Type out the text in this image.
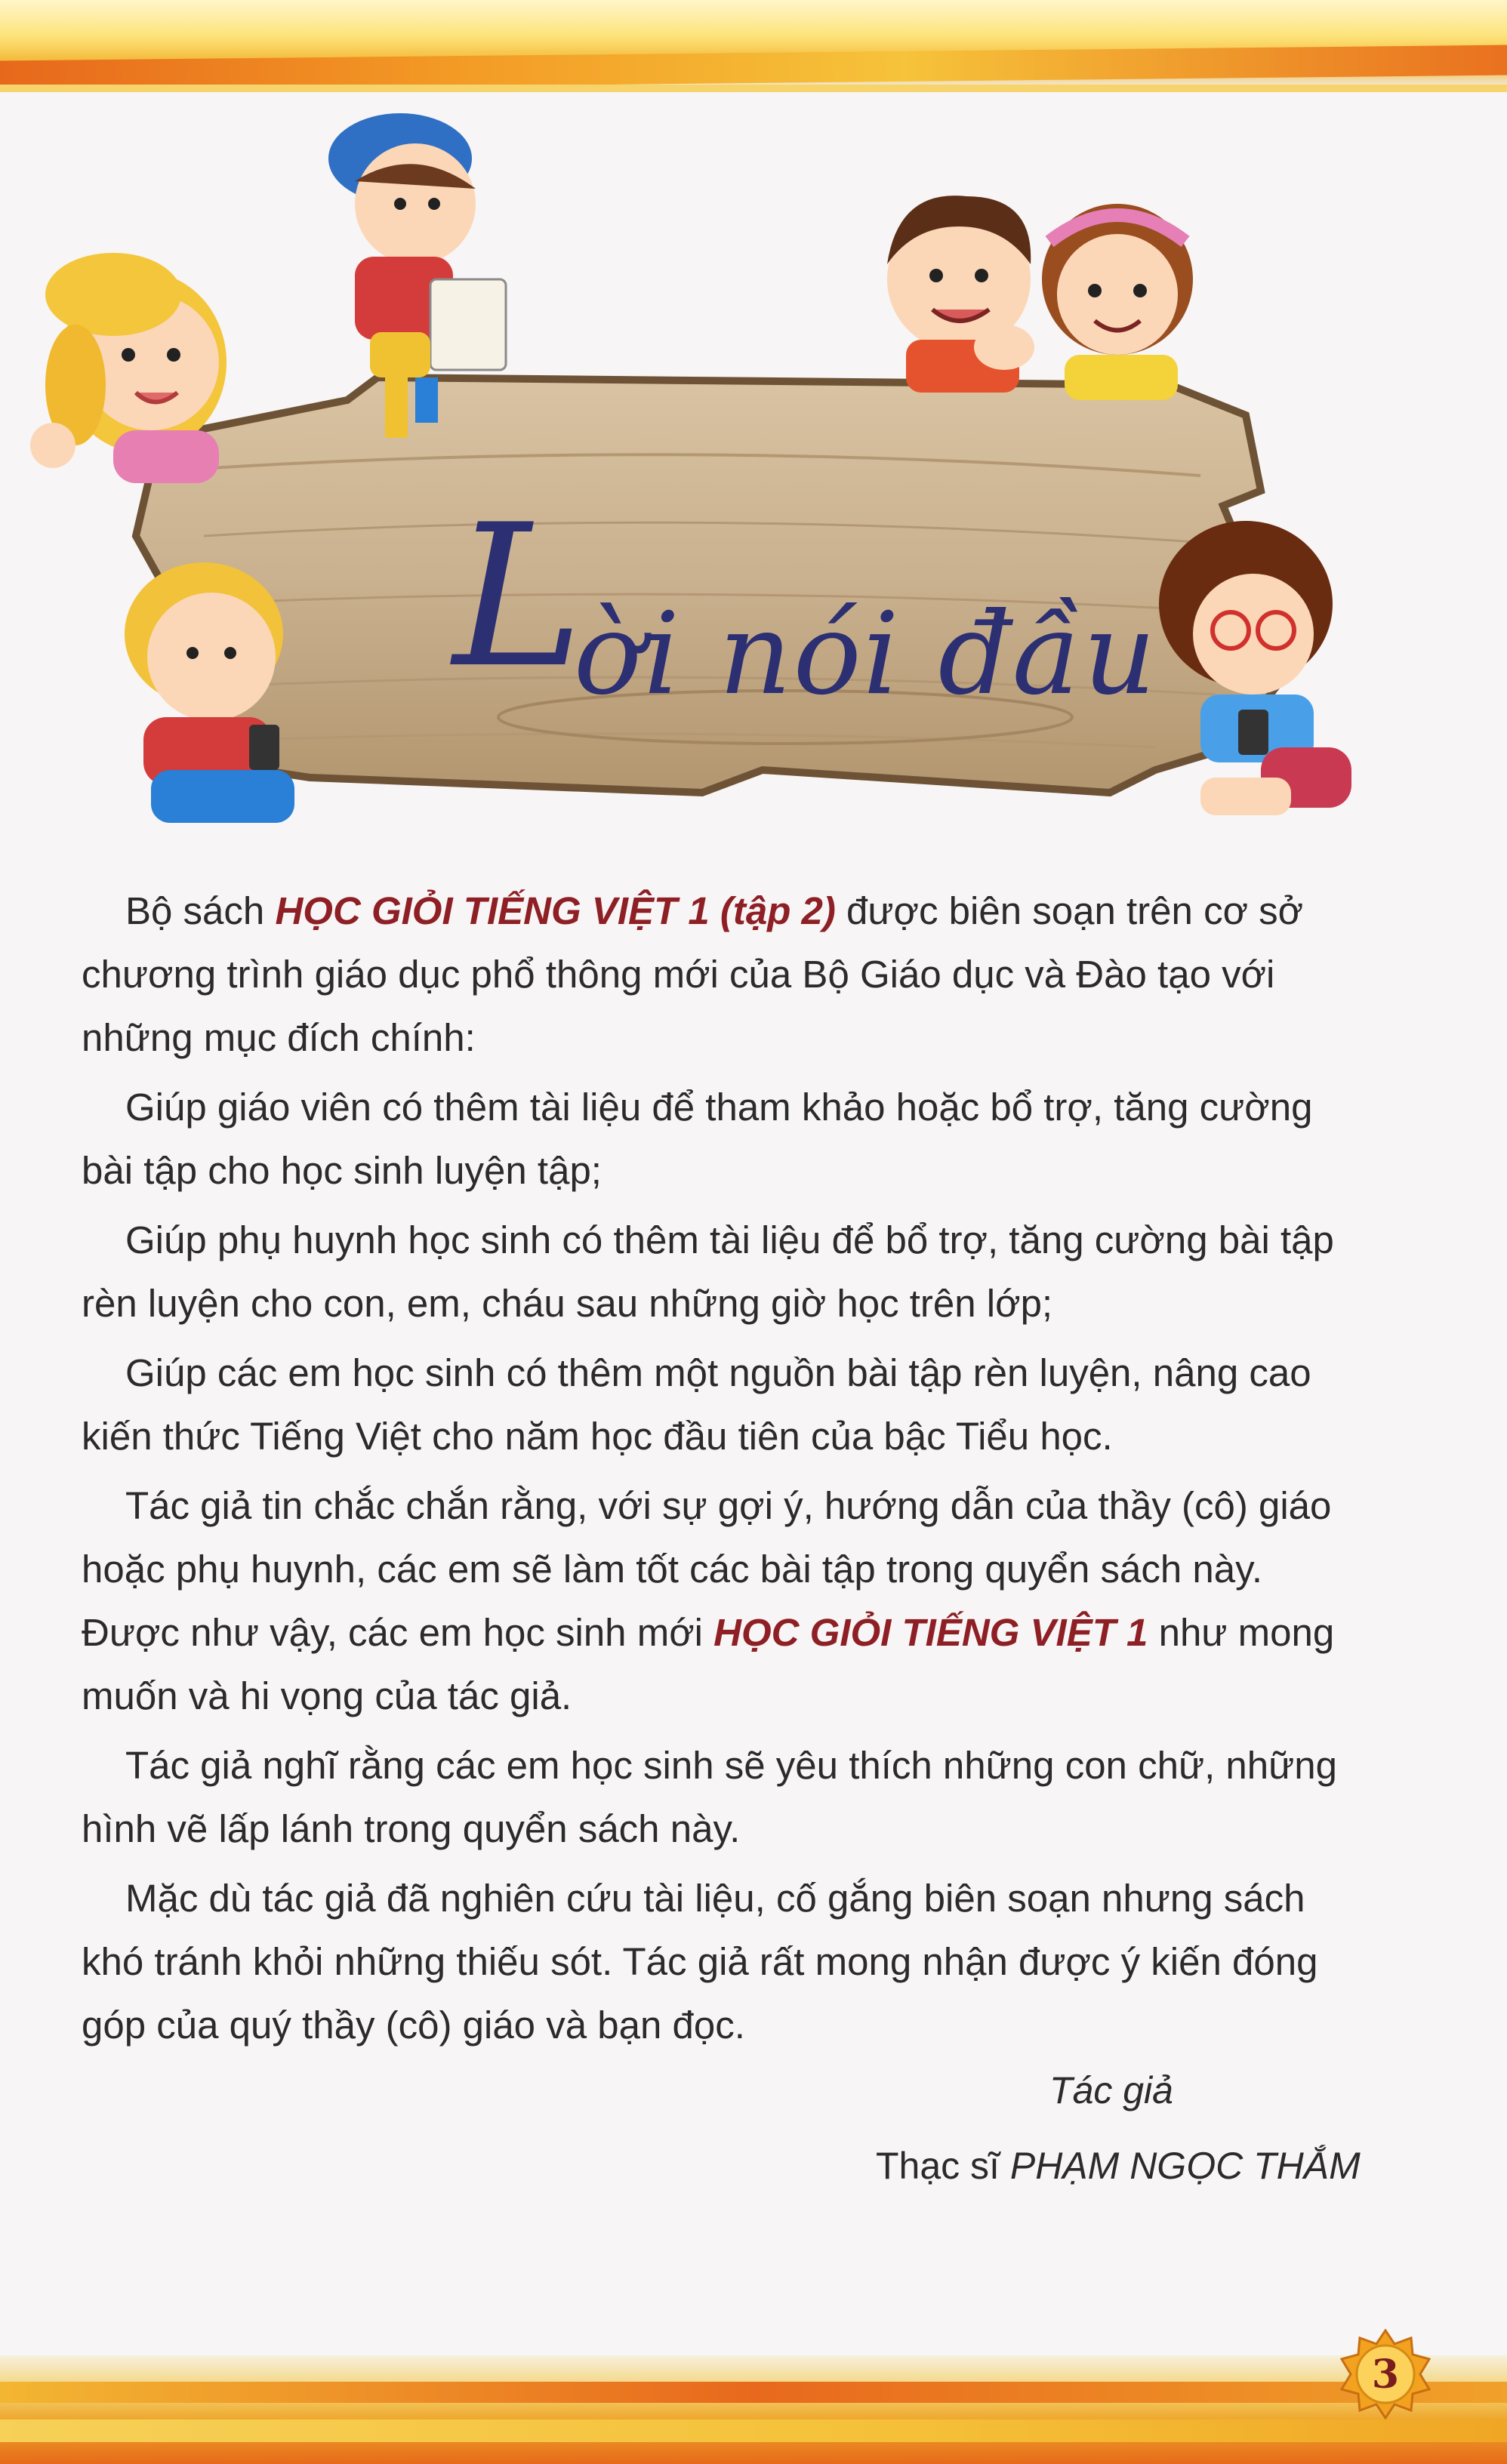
L
ời nói đầu

Bộ sách HỌC GIỎI TIẾNG VIỆT 1 (tập 2) được biên soạn trên cơ sở chương trình giáo dục phổ thông mới của Bộ Giáo dục và Đào tạo với những mục đích chính:

Giúp giáo viên có thêm tài liệu để tham khảo hoặc bổ trợ, tăng cường bài tập cho học sinh luyện tập;

Giúp phụ huynh học sinh có thêm tài liệu để bổ trợ, tăng cường bài tập rèn luyện cho con, em, cháu sau những giờ học trên lớp;

Giúp các em học sinh có thêm một nguồn bài tập rèn luyện, nâng cao kiến thức Tiếng Việt cho năm học đầu tiên của bậc Tiểu học.

Tác giả tin chắc chắn rằng, với sự gợi ý, hướng dẫn của thầy (cô) giáo hoặc phụ huynh, các em sẽ làm tốt các bài tập trong quyển sách này. Được như vậy, các em học sinh mới HỌC GIỎI TIẾNG VIỆT 1 như mong muốn và hi vọng của tác giả.

Tác giả nghĩ rằng các em học sinh sẽ yêu thích những con chữ, những hình vẽ lấp lánh trong quyển sách này.

Mặc dù tác giả đã nghiên cứu tài liệu, cố gắng biên soạn nhưng sách khó tránh khỏi những thiếu sót. Tác giả rất mong nhận được ý kiến đóng góp của quý thầy (cô) giáo và bạn đọc.

Tác giả
Thạc sĩ PHẠM NGỌC THẮM
3
